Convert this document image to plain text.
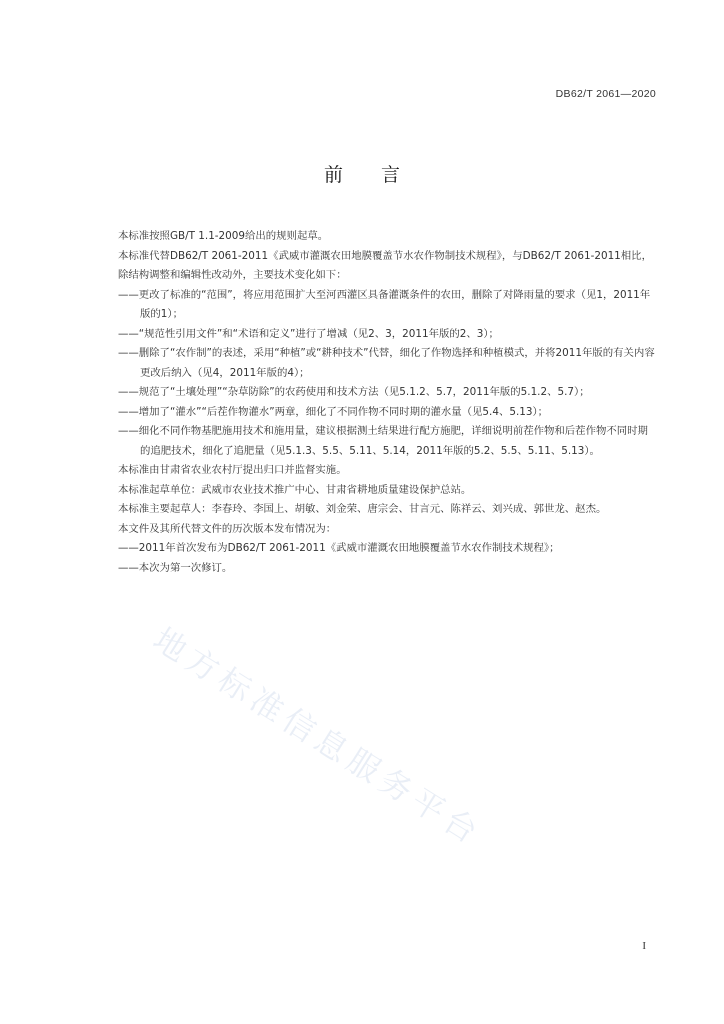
DB62/T 2061—2020
前言

本标准按照GB/T 1.1-2009给出的规则起草。

本标准代替DB62/T 2061-2011《武威市灌溉农田地膜覆盖节水农作物制技术规程》，与DB62/T 2061-2011相比，除结构调整和编辑性改动外，主要技术变化如下：

——更改了标准的“范围”，将应用范围扩大至河西灌区具备灌溉条件的农田，删除了对降雨量的要求（见1，2011年版的1）；

——“规范性引用文件”和“术语和定义”进行了增减（见2、3，2011年版的2、3）；

——删除了“农作制”的表述，采用“种植”或“耕种技术”代替，细化了作物选择和种植模式，并将2011年版的有关内容更改后纳入（见4，2011年版的4）；

——规范了“土壤处理”“杂草防除”的农药使用和技术方法（见5.1.2、5.7，2011年版的5.1.2、5.7）；

——增加了“灌水”“后茬作物灌水”两章，细化了不同作物不同时期的灌水量（见5.4、5.13）；

——细化不同作物基肥施用技术和施用量，建议根据测土结果进行配方施肥，详细说明前茬作物和后茬作物不同时期的追肥技术，细化了追肥量（见5.1.3、5.5、5.11、5.14，2011年版的5.2、5.5、5.11、5.13）。

本标准由甘肃省农业农村厅提出归口并监督实施。

本标准起草单位：武威市农业技术推广中心、甘肃省耕地质量建设保护总站。

本标准主要起草人：李春玲、李国上、胡敏、刘金荣、唐宗会、甘言元、陈祥云、刘兴成、郭世龙、赵杰。

本文件及其所代替文件的历次版本发布情况为：

——2011年首次发布为DB62/T 2061-2011《武威市灌溉农田地膜覆盖节水农作制技术规程》；

——本次为第一次修订。

地方标准信息服务平台
I
